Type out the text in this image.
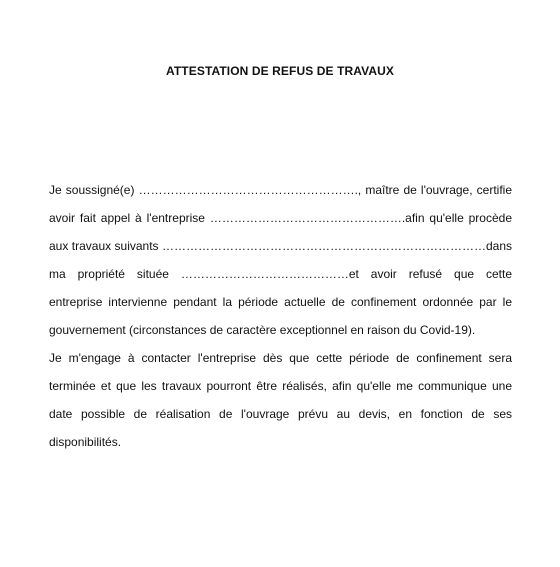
ATTESTATION DE REFUS DE TRAVAUX
Je soussigné(e) ………………………………………………., maître de l'ouvrage, certifie
avoir fait appel à l'entreprise ………………………………………….afin qu'elle procède
aux travaux suivants ………………………………………………………………………dans
ma propriété située ……………………………………et avoir refusé que cette
entreprise intervienne pendant la période actuelle de confinement ordonnée par le
gouvernement (circonstances de caractère exceptionnel en raison du Covid-19).
Je m'engage à contacter l'entreprise dès que cette période de confinement sera
terminée et que les travaux pourront être réalisés, afin qu'elle me communique une
date possible de réalisation de l'ouvrage prévu au devis, en fonction de ses
disponibilités.
